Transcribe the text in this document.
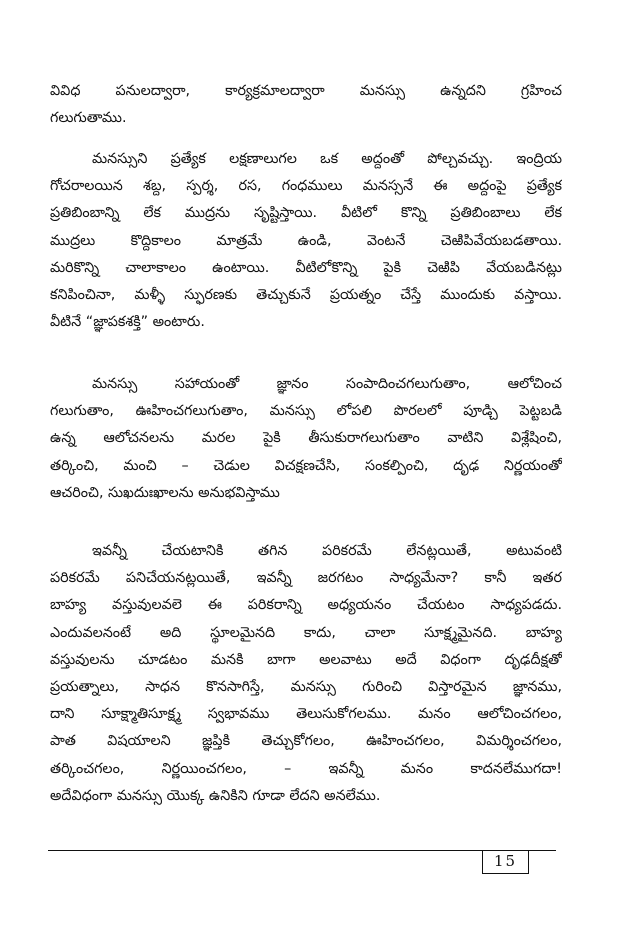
వివిధ పనులద్వారా, కార్యక్రమాలద్వారా మనస్సు ఉన్నదని గ్రహించ
గలుగుతాము.
మనస్సుని ప్రత్యేక లక్షణాలుగల ఒక అద్దంతో పోల్చవచ్చు. ఇంద్రియ
గోచరాలయిన శబ్ద, స్పర్శ, రస, గంధములు మనస్సనే ఈ అద్దంపై ప్రత్యేక
ప్రతిబింబాన్ని లేక ముద్రను సృష్టిస్తాయి. వీటిలో కొన్ని ప్రతిబింబాలు లేక
ముద్రలు కొద్దికాలం మాత్రమే ఉండి, వెంటనే చెఱిపివేయబడతాయి.
మరికొన్ని చాలాకాలం ఉంటాయి. వీటిలోకొన్ని పైకి చెఱిపి వేయబడినట్లు
కనిపించినా, మళ్ళీ స్ఫురణకు తెచ్చుకునే ప్రయత్నం చేస్తే ముందుకు వస్తాయి.
వీటినే “జ్ఞాపకశక్తి” అంటారు.
మనస్సు సహాయంతో జ్ఞానం సంపాదించగలుగుతాం, ఆలోచించ
గలుగుతాం, ఊహించగలుగుతాం, మనస్సు లోపలి పొరలలో పూడ్చి పెట్టబడి
ఉన్న ఆలోచనలను మరల పైకి తీసుకురాగలుగుతాం వాటిని విశ్లేషించి,
తర్కించి, మంచి – చెడుల విచక్షణచేసి, సంకల్పించి, దృఢ నిర్ణయంతో
ఆచరించి, సుఖదుఃఖాలను అనుభవిస్తాము
ఇవన్నీ చేయటానికి తగిన పరికరమే లేనట్లయితే, అటువంటి
పరికరమే పనిచేయనట్లయితే, ఇవన్నీ జరగటం సాధ్యమేనా? కానీ ఇతర
బాహ్య వస్తువులవలె ఈ పరికరాన్ని అధ్యయనం చేయటం సాధ్యపడదు.
ఎందువలనంటే అది స్థూలమైనది కాదు, చాలా సూక్ష్మమైనది. బాహ్య
వస్తువులను చూడటం మనకి బాగా అలవాటు అదే విధంగా దృఢదీక్షతో
ప్రయత్నాలు, సాధన కొనసాగిస్తే, మనస్సు గురించి విస్తారమైన జ్ఞానము,
దాని సూక్ష్మాతిసూక్ష్మ స్వభావము తెలుసుకోగలము. మనం ఆలోచించగలం,
పాత విషయాలని జ్ఞప్తికి తెచ్చుకోగలం, ఊహించగలం, విమర్శించగలం,
తర్కించగలం, నిర్ణయించగలం, – ఇవన్నీ మనం కాదనలేముగదా!
అదేవిధంగా మనస్సు యొక్క ఉనికిని గూడా లేదని అనలేము.
15
